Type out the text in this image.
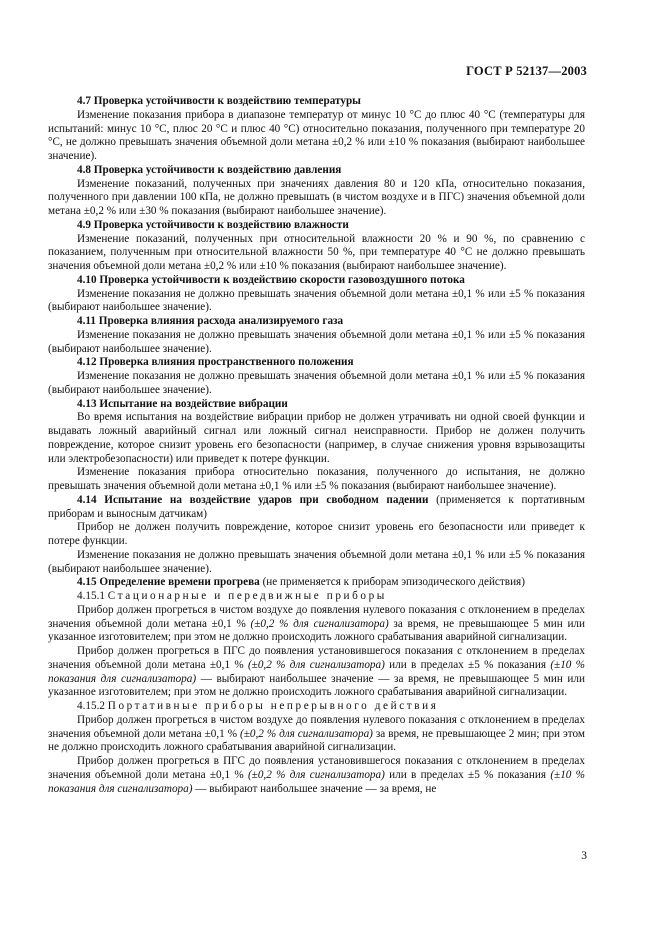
ГОСТ Р 52137—2003

4.7 Проверка устойчивости к воздействию температуры

Изменение показания прибора в диапазоне температур от минус 10 °С до плюс 40 °С (температуры для испытаний: минус 10 °С, плюс 20 °С и плюс 40 °С) относительно показания, полученного при температуре 20 °С, не должно превышать значения объемной доли метана ±0,2 % или ±10 % показания (выбирают наибольшее значение).

4.8 Проверка устойчивости к воздействию давления

Изменение показаний, полученных при значениях давления 80 и 120 кПа, относительно показания, полученного при давлении 100 кПа, не должно превышать (в чистом воздухе и в ПГС) значения объемной доли метана ±0,2 % или ±30 % показания (выбирают наибольшее значение).

4.9 Проверка устойчивости к воздействию влажности

Изменение показаний, полученных при относительной влажности 20 % и 90 %, по сравнению с показанием, полученным при относительной влажности 50 %, при температуре 40 °С не должно превышать значения объемной доли метана ±0,2 % или ±10 % показания (выбирают наибольшее значение).

4.10 Проверка устойчивости к воздействию скорости газовоздушного потока

Изменение показания не должно превышать значения объемной доли метана ±0,1 % или ±5 % показания (выбирают наибольшее значение).

4.11 Проверка влияния расхода анализируемого газа

Изменение показания не должно превышать значения объемной доли метана ±0,1 % или ±5 % показания (выбирают наибольшее значение).

4.12 Проверка влияния пространственного положения

Изменение показания не должно превышать значения объемной доли метана ±0,1 % или ±5 % показания (выбирают наибольшее значение).

4.13 Испытание на воздействие вибрации

Во время испытания на воздействие вибрации прибор не должен утрачивать ни одной своей функции и выдавать ложный аварийный сигнал или ложный сигнал неисправности. Прибор не должен получить повреждение, которое снизит уровень его безопасности (например, в случае снижения уровня взрывозащиты или электробезопасности) или приведет к потере функции.

Изменение показания прибора относительно показания, полученного до испытания, не должно превышать значения объемной доли метана ±0,1 % или ±5 % показания (выбирают наибольшее значение).

4.14 Испытание на воздействие ударов при свободном падении (применяется к портативным приборам и выносным датчикам)

Прибор не должен получить повреждение, которое снизит уровень его безопасности или приведет к потере функции.

Изменение показания не должно превышать значения объемной доли метана ±0,1 % или ±5 % показания (выбирают наибольшее значение).

4.15 Определение времени прогрева (не применяется к приборам эпизодического действия)

4.15.1 Стационарные и передвижные приборы

Прибор должен прогреться в чистом воздухе до появления нулевого показания с отклонением в пределах значения объемной доли метана ±0,1 % (±0,2 % для сигнализатора) за время, не превышающее 5 мин или указанное изготовителем; при этом не должно происходить ложного срабатывания аварийной сигнализации.

Прибор должен прогреться в ПГС до появления установившегося показания с отклонением в пределах значения объемной доли метана ±0,1 % (±0,2 % для сигнализатора) или в пределах ±5 % показания (±10 % показания для сигнализатора) — выбирают наибольшее значение — за время, не превышающее 5 мин или указанное изготовителем; при этом не должно происходить ложного срабатывания аварийной сигнализации.

4.15.2 Портативные приборы непрерывного действия

Прибор должен прогреться в чистом воздухе до появления нулевого показания с отклонением в пределах значения объемной доли метана ±0,1 % (±0,2 % для сигнализатора) за время, не превышающее 2 мин; при этом не должно происходить ложного срабатывания аварийной сигнализации.

Прибор должен прогреться в ПГС до появления установившегося показания с отклонением в пределах значения объемной доли метана ±0,1 % (±0,2 % для сигнализатора) или в пределах ±5 % показания (±10 % показания для сигнализатора) — выбирают наибольшее значение — за время, не

3
